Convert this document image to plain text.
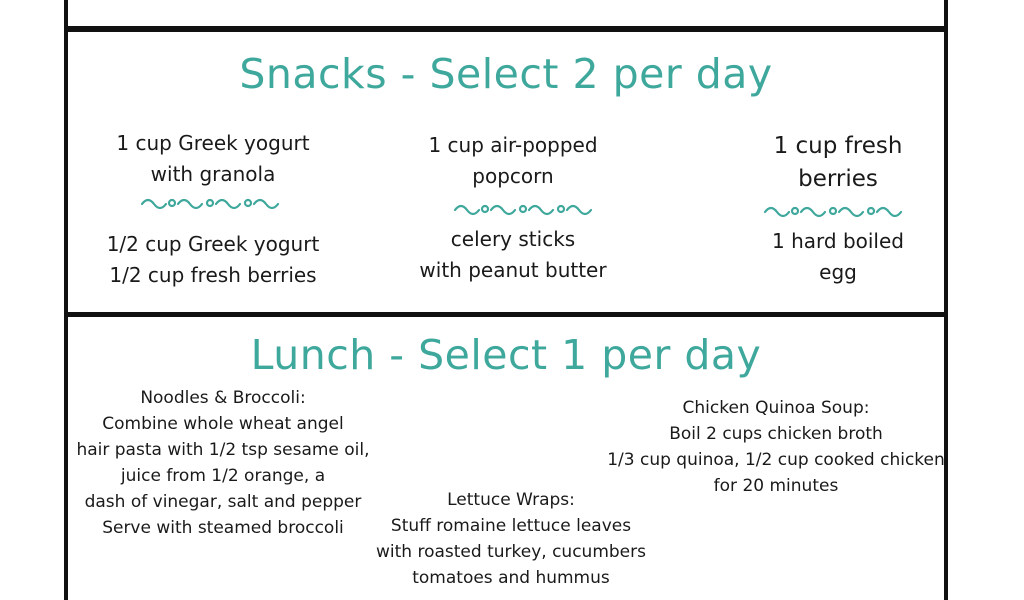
Snacks - Select 2 per day
1 cup Greek yogurt
with granola
1/2 cup Greek yogurt
1/2 cup fresh berries
1 cup air-popped
popcorn
celery sticks
with peanut butter
1 cup fresh
berries
1 hard boiled
egg
Lunch - Select 1 per day
Noodles & Broccoli:
Combine whole wheat angel
hair pasta with 1/2 tsp sesame oil,
juice from 1/2 orange, a
dash of vinegar, salt and pepper
Serve with steamed broccoli
Lettuce Wraps:
Stuff romaine lettuce leaves
with roasted turkey, cucumbers
tomatoes and hummus
Chicken Quinoa Soup:
Boil 2 cups chicken broth
1/3 cup quinoa, 1/2 cup cooked chicken
for 20 minutes
